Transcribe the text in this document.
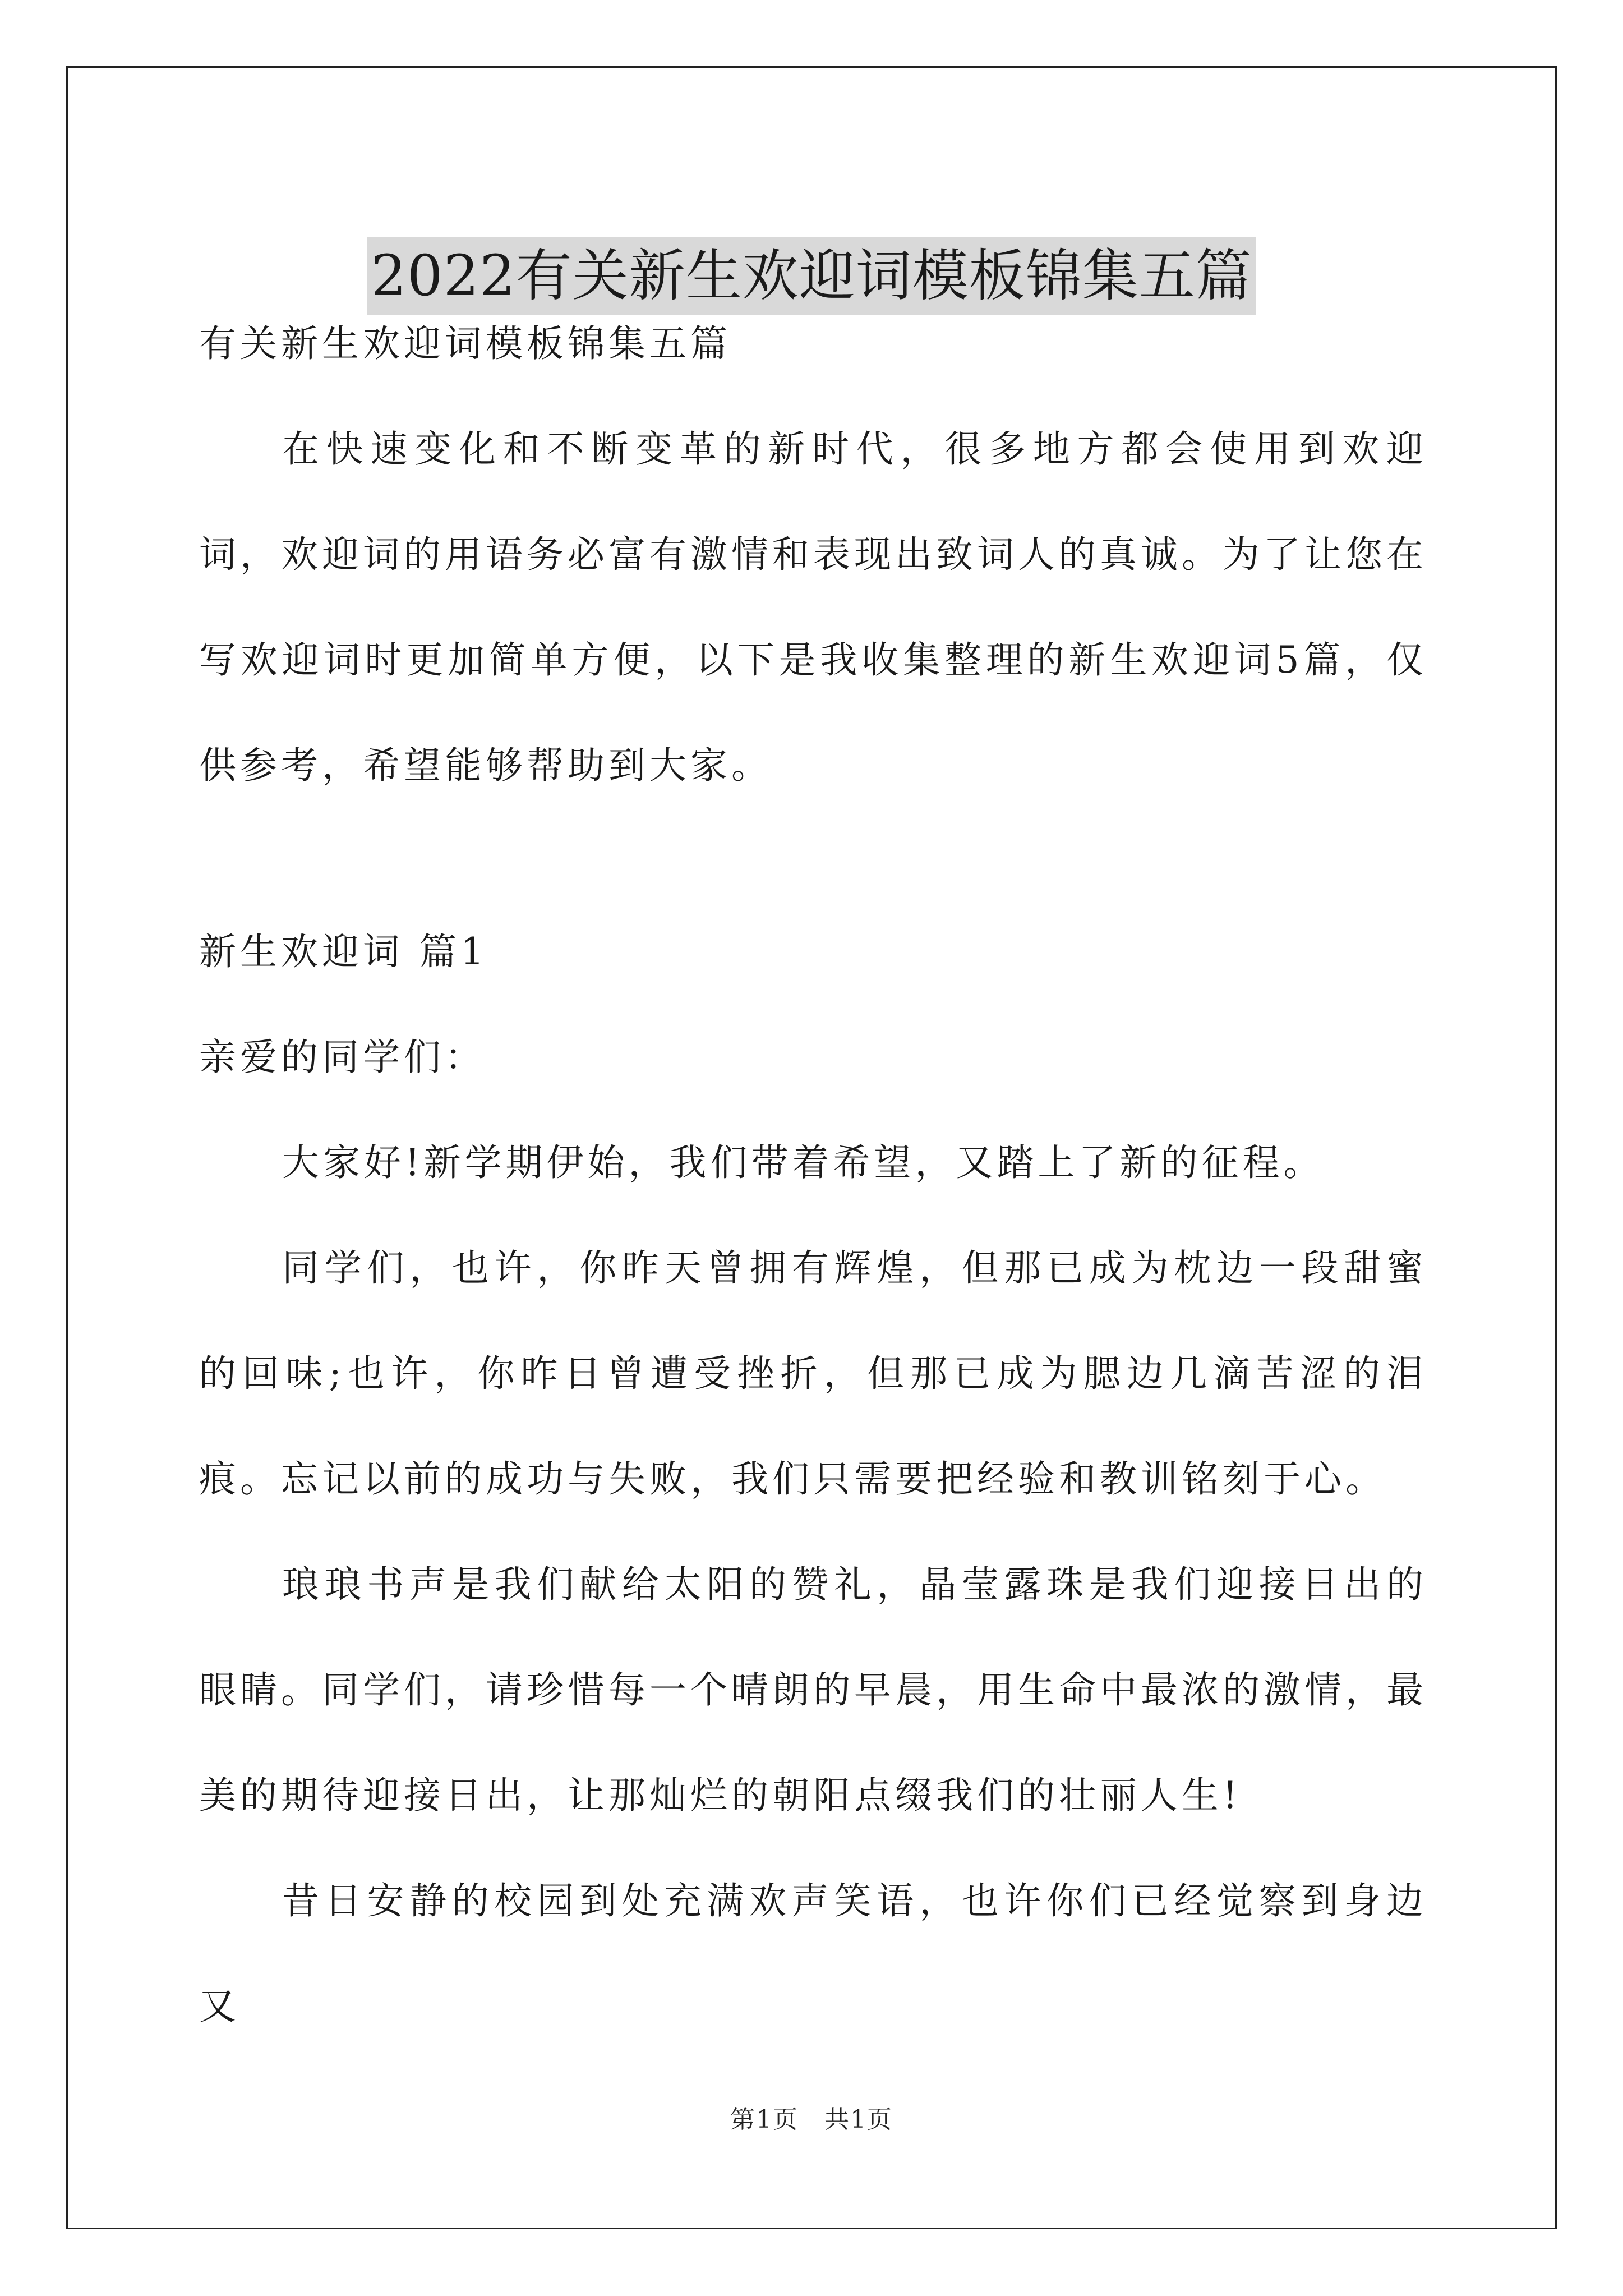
2022有关新生欢迎词模板锦集五篇
有关新生欢迎词模板锦集五篇

在快速变化和不断变革的新时代，很多地方都会使用到欢迎词，欢迎词的用语务必富有激情和表现出致词人的真诚。为了让您在写欢迎词时更加简单方便，以下是我收集整理的新生欢迎词5篇，仅供参考，希望能够帮助到大家。

新生欢迎词 篇1
亲爱的同学们：

大家好!新学期伊始，我们带着希望，又踏上了新的征程。

同学们，也许，你昨天曾拥有辉煌，但那已成为枕边一段甜蜜的回味;也许，你昨日曾遭受挫折，但那已成为腮边几滴苦涩的泪痕。忘记以前的成功与失败，我们只需要把经验和教训铭刻于心。

琅琅书声是我们献给太阳的赞礼，晶莹露珠是我们迎接日出的眼睛。同学们，请珍惜每一个晴朗的早晨，用生命中最浓的激情，最美的期待迎接日出，让那灿烂的朝阳点缀我们的壮丽人生!

昔日安静的校园到处充满欢声笑语，也许你们已经觉察到身边又

第1页　共1页
